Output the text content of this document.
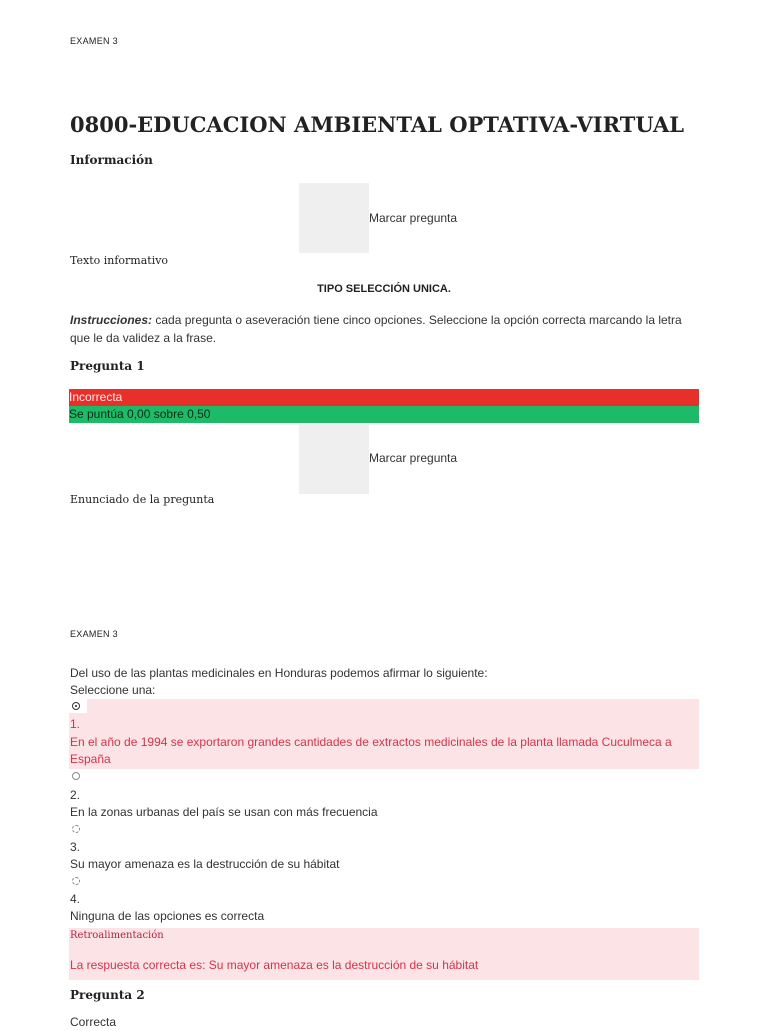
EXAMEN 3
0800-EDUCACION AMBIENTAL OPTATIVA-VIRTUAL
Información
Marcar pregunta
Texto informativo
TIPO SELECCIÓN UNICA.
Instrucciones: cada pregunta o aseveración tiene cinco opciones. Seleccione la opción correcta marcando la letra que le da validez a la frase.
Pregunta 1
Incorrecta
Se puntúa 0,00 sobre 0,50
Marcar pregunta
Enunciado de la pregunta
EXAMEN 3
Del uso de las plantas medicinales en Honduras podemos afirmar lo siguiente:
Seleccione una:
1.
En el año de 1994 se exportaron grandes cantidades de extractos medicinales de la planta llamada Cuculmeca a España
2.
En la zonas urbanas del país se usan con más frecuencia
3.
Su mayor amenaza es la destrucción de su hábitat
4.
Ninguna de las opciones es correcta
Retroalimentación
La respuesta correcta es: Su mayor amenaza es la destrucción de su hábitat
Pregunta 2
Correcta
